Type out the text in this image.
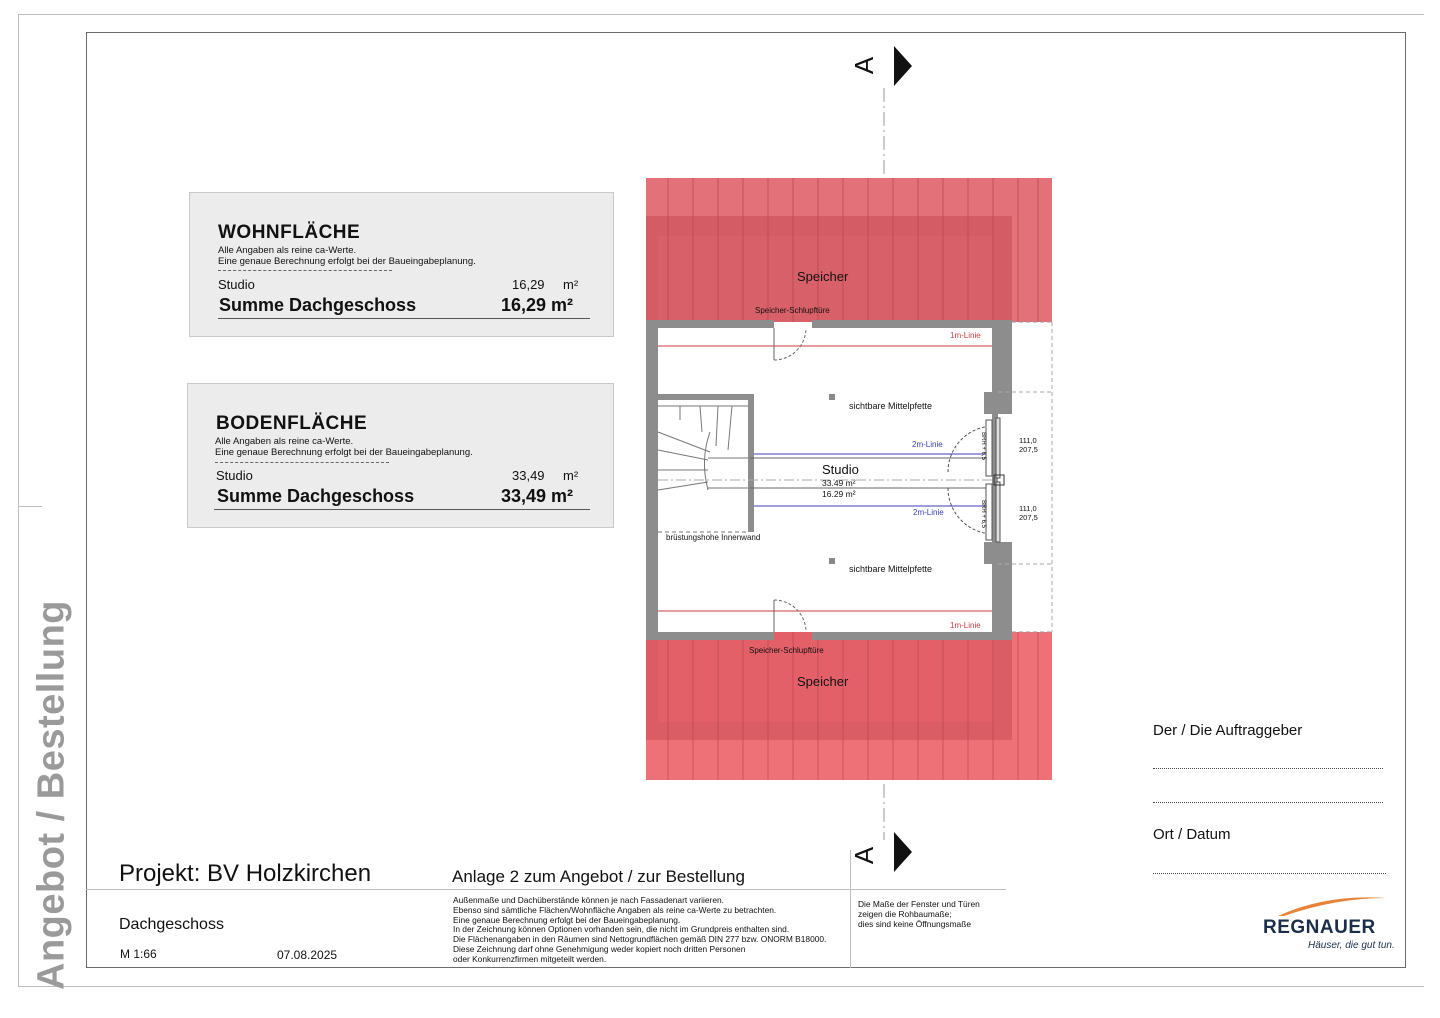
Angebot / Bestellung
WOHNFLÄCHE
Alle Angaben als reine ca-Werte.
Eine genaue Berechnung erfolgt bei der Baueingabeplanung.
Studio	16,29 m²
Summe Dachgeschoss	16,29 m²
BODENFLÄCHE
Alle Angaben als reine ca-Werte.
Eine genaue Berechnung erfolgt bei der Baueingabeplanung.
Studio	33,49 m²
Summe Dachgeschoss	33,49 m²
A
A
Speicher
Speicher
Speicher-Schlupftüre
Speicher-Schlupftüre
1m-Linie
1m-Linie
2m-Linie
2m-Linie
sichtbare Mittelpfette
sichtbare Mittelpfette
Studio
33.49 m²
16.29 m²
brüstungshohe Innenwand
111,0
207,5
111,0
207,5
BRH + 6,5
BRH + 6,5
Der / Die Auftraggeber
Ort / Datum
Projekt: BV Holzkirchen	Anlage 2 zum Angebot / zur Bestellung
Dachgeschoss
M 1:66	07.08.2025
Außenmaße und Dachüberstände können je nach Fassadenart variieren.
Ebenso sind sämtliche Flächen/Wohnfläche Angaben als reine ca-Werte zu betrachten.
Eine genaue Berechnung erfolgt bei der Baueingabeplanung.
In der Zeichnung können Optionen vorhanden sein, die nicht im Grundpreis enthalten sind.
Die Flächenangaben in den Räumen sind Nettogrundflächen gemäß DIN 277 bzw. ONORM B18000.
Diese Zeichnung darf ohne Genehmigung weder kopiert noch dritten Personen
oder Konkurrenzfirmen mitgeteilt werden.
Die Maße der Fenster und Türen
zeigen die Rohbaumaße;
dies sind keine Öffnungsmaße	REGNAUER
Häuser, die gut tun.
